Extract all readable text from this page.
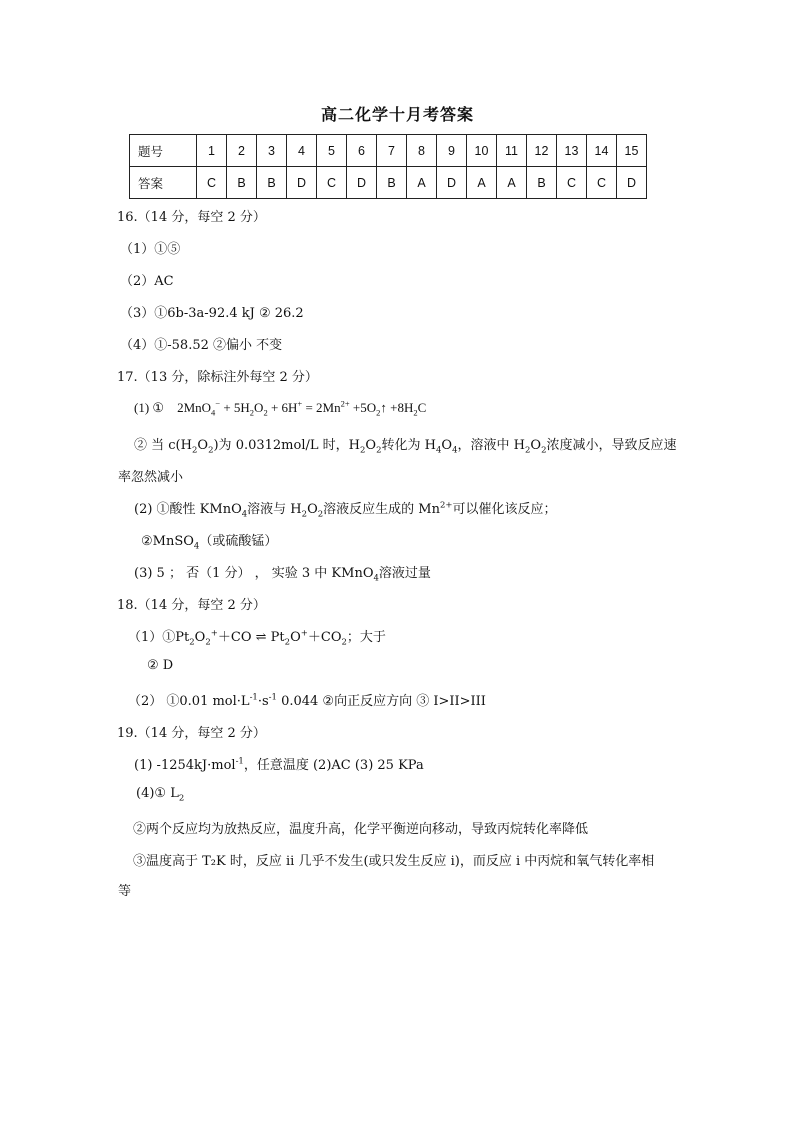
高二化学十月考答案
题号	1	2	3	4	5	6	7	8	9	10	11	12	13	14	15
答案	C	B	B	D	C	D	B	A	D	A	A	B	C	C	D
16.（14 分，每空 2 分）
（1）①⑤
（2）AC
（3）①6b-3a-92.4 kJ ② 26.2
（4）①-58.52 ②偏小 不变
17.（13 分，除标注外每空 2 分）
(1) ①    $2MnO_4^- + 5H_2O_2 + 6H^+ = 2Mn^{2+}$ $+5O_2↑ +8H_2C$
② 当 $c(H_2O_2)$为 0.0312mol/L 时，$H_2O_2$转化为 $H_4O_4$，溶液中 $H_2O_2$浓度减小，导致反应速
率忽然减小
(2) ①酸性 KMnO$_4$溶液与 $H_2O_2$溶液反应生成的 $Mn^{2+}$可以催化该反应；
②MnSO$_4$（或硫酸锰）
(3) 5 ； 否（1 分） ， 实验 3 中 KMnO$_4$溶液过量
18.（14 分，每空 2 分）
$(1)①Pt_2O_2^++CO$ ⇌ $Pt_2O^++CO_2$；大于
② D
（2） ①0.01 $mol\cdot L^{-1}\cdot s^{-1}$ 0.044 ②向正反应方向 ③ I>II>III
19.（14 分，每空 2 分）
(1) -1254kJ·mol$^{-1}$，任意温度 (2)AC (3) 25 KPa
(4)① $L_2$
②两个反应均为放热反应，温度升高，化学平衡逆向移动，导致丙烷转化率降低
③温度高于 T₂K 时，反应 ii 几乎不发生(或只发生反应 i)，而反应 i 中丙烷和氧气转化率相
等
